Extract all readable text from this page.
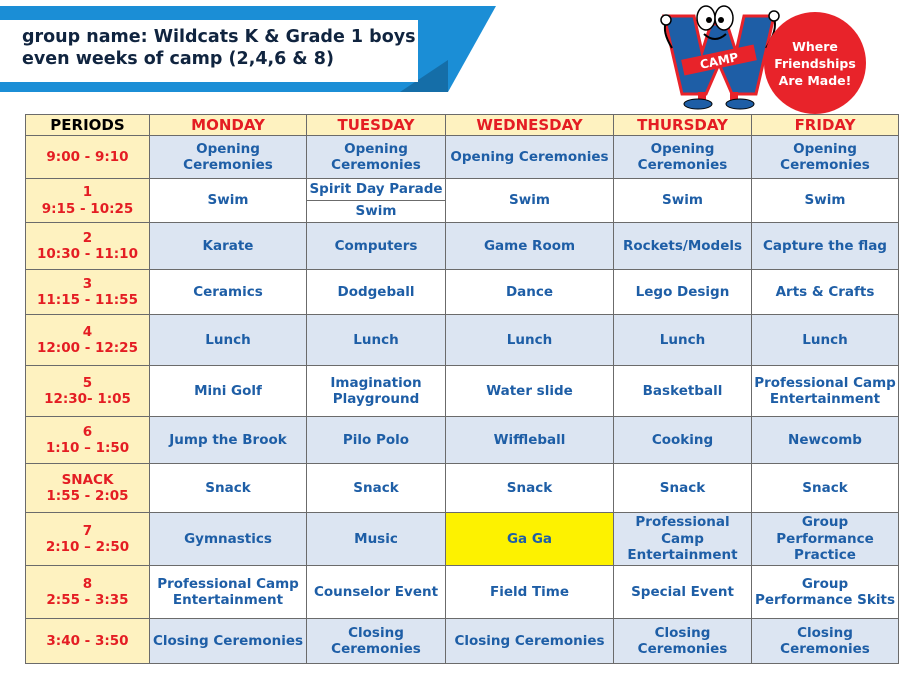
group name: Wildcats K & Grade 1 boys
even weeks of camp (2,4,6 & 8)	CAMP
Where
Friendships
Are Made!
PERIODS	MONDAY	TUESDAY	WEDNESDAY	THURSDAY	FRIDAY

9:00 - 9:10	Opening Ceremonies	Opening Ceremonies	Opening Ceremonies	Opening Ceremonies	Opening Ceremonies

1
9:15 - 10:25	Swim	Spirit Day Parade	Swim	Swim	Swim
		Swim			

2
10:30 - 11:10	Karate	Computers	Game Room	Rockets/Models	Capture the flag

3
11:15 - 11:55	Ceramics	Dodgeball	Dance	Lego Design	Arts & Crafts

4
12:00 - 12:25	Lunch	Lunch	Lunch	Lunch	Lunch

5
12:30- 1:05	Mini Golf	Imagination Playground	Water slide	Basketball	Professional Camp Entertainment

6
1:10 – 1:50	Jump the Brook	Pilo Polo	Wiffleball	Cooking	Newcomb

SNACK
1:55 - 2:05	Snack	Snack	Snack	Snack	Snack

7
2:10 – 2:50	Gymnastics	Music	Ga Ga	Professional Camp Entertainment	Group Performance Practice

8
2:55 - 3:35	Professional Camp Entertainment	Counselor Event	Field Time	Special Event	Group Performance Skits

3:40 - 3:50	Closing Ceremonies	Closing Ceremonies	Closing Ceremonies	Closing Ceremonies	Closing Ceremonies
